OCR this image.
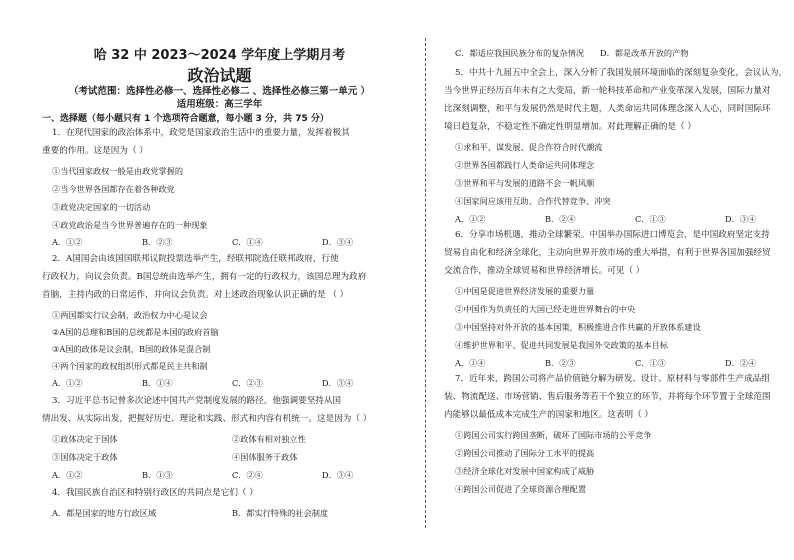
哈 32 中 2023～2024 学年度上学期月考
政治试题
（考试范围：选择性必修一、选择性必修二 、选择性必修三第一单元 ）
适用班级：高三学年
一、选择题（每小题只有 1 个选项符合题意，每小题 3 分，共 75 分）
1．在现代国家的政治体系中，政党是国家政治生活中的重要力量，发挥着极其
重要的作用。这是因为（ ）
①当代国家政权一般是由政党掌握的
②当今世界各国都存在着各种政党
③政党决定国家的一切活动
④政党政治是当今世界普遍存在的一种现象
A．①②	B．②③	C．①④	D．③④
2．A国国会由该国国联邦议院投票选举产生，经联邦院选任联邦政府，行使
行政权力，向议会负责。B国总统由选举产生，拥有一定的行政权力，该国总理为政府
首脑，主持内政的日常运作，并向议会负责。对上述政治现象认识正确的是 （ ）
①两国都实行议会制，政治权力中心是议会
②A国的总理和B国的总统都是本国的政府首脑
③A国的政体是议会制，B国的政体是混合制
④两个国家的政权组织形式都是民主共和制
A．①②	B．①④	C．②③	D．③④
3．习近平总书记曾多次论述中国共产党制度发展的路径。他强调要坚持从国
情出发、从实际出发，把握好历史、理论和实践、形式和内容有机统一。这是因为（ ）
①政体决定于国体	②政体有相对独立性
③国体决定于政体	④国体服务于政体
A．①②	B．①③	C．②④	D．③④
4．我国民族自治区和特别行政区的共同点是它们（ ）
A．都是国家的地方行政区域	B．都实行特殊的社会制度
C．都适应我国民族分布的复杂情况 D．都是改革开放的产物
5．中共十九届五中全会上，深入分析了我国发展环境面临的深刻复杂变化，会议认为，
当今世界正经历百年未有之大变局，新一轮科技革命和产业变革深入发展，国际力量对
比深刻调整，和平与发展仍然是时代主题，人类命运共同体理念深入人心，同时国际环
境日趋复杂，不稳定性不确定性明显增加。对此理解正确的是（ ）
①求和平、谋发展、促合作符合时代潮流
②世界各国都践行人类命运共同体理念
③世界和平与发展的道路不会一帆风顺
④国家间应该用互助、合作代替竞争、冲突
A．①②	B．②④	C．①③	D．③④
6．分享市场机遇，推动全球繁荣。中国举办国际进口博览会，是中国政府坚定支持
贸易自由化和经济全球化，主动向世界开放市场的重大举措，有利于世界各国加强经贸
交流合作，推动全球贸易和世界经济增长。可见（ ）
①中国是促进世界经济发展的重要力量
②中国作为负责任的大国已经走进世界舞台的中央
③中国坚持对外开放的基本国策，积极推进合作共赢的开放体系建设
④维护世界和平、促进共同发展是我国外交政策的基本目标
A．①④	B．②③	C．①③	D．②④
7．近年来，跨国公司将产品价值链分解为研发、设计、原材料与零部件生产成品组
装、物流配送、市场营销、售后服务等若干个独立的环节，并将每个环节置于全球范围
内能够以最低成本完成生产的国家和地区。这表明（ ）
①跨国公司实行跨国垄断，破坏了国际市场的公平竞争
②跨国公司推动了国际分工水平的提高
③经济全球化对发展中国家构成了威胁
④跨国公司促进了全球资源合理配置
